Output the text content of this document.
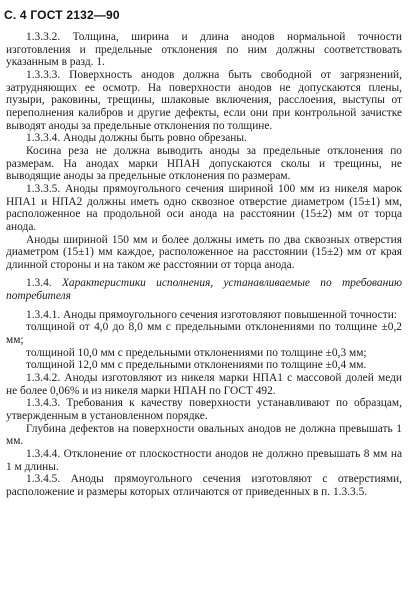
С. 4 ГОСТ 2132—90

1.3.3.2. Толщина, ширина и длина анодов нормальной точности изготовления и предельные отклонения по ним должны соответствовать указанным в разд. 1.

1.3.3.3. Поверхность анодов должна быть свободной от загрязнений, затрудняющих ее осмотр. На поверхности анодов не допускаются плены, пузыри, раковины, трещины, шлаковые включения, расслоения, выступы от переполнения калибров и другие дефекты, если они при контрольной зачистке выводят аноды за предельные отклонения по толщине.

1.3.3.4. Аноды должны быть ровно обрезаны.

Косина реза не должна выводить аноды за предельные отклонения по размерам. На анодах марки НПАН допускаются сколы и трещины, не выводящие аноды за предельные отклонения по размерам.

1.3.3.5. Аноды прямоугольного сечения шириной 100 мм из никеля марок НПА1 и НПА2 должны иметь одно сквозное отверстие диаметром (15±1) мм, расположенное на продольной оси анода на расстоянии (15±2) мм от торца анода.

Аноды шириной 150 мм и более должны иметь по два сквозных отверстия диаметром (15±1) мм каждое, расположенное на расстоянии (15±2) мм от края длинной стороны и на таком же расстоянии от торца анода.

1.3.4. Характеристики исполнения, устанавливаемые по требованию потребителя

1.3.4.1. Аноды прямоугольного сечения изготовляют повышенной точности:

толщиной от 4,0 до 8,0 мм с предельными отклонениями по толщине ±0,2 мм;

толщиной 10,0 мм с предельными отклонениями по толщине ±0,3 мм;

толщиной 12,0 мм с предельными отклонениями по толщине ±0,4 мм.

1.3.4.2. Аноды изготовляют из никеля марки НПА1 с массовой долей меди не более 0,06% и из никеля марки НПАН по ГОСТ 492.

1.3.4.3. Требования к качеству поверхности устанавливают по образцам, утвержденным в установленном порядке.

Глубина дефектов на поверхности овальных анодов не должна превышать 1 мм.

1.3.4.4. Отклонение от плоскостности анодов не должно превышать 8 мм на 1 м длины.

1.3.4.5. Аноды прямоугольного сечения изготовляют с отверстиями, расположение и размеры которых отличаются от приведенных в п. 1.3.3.5.
